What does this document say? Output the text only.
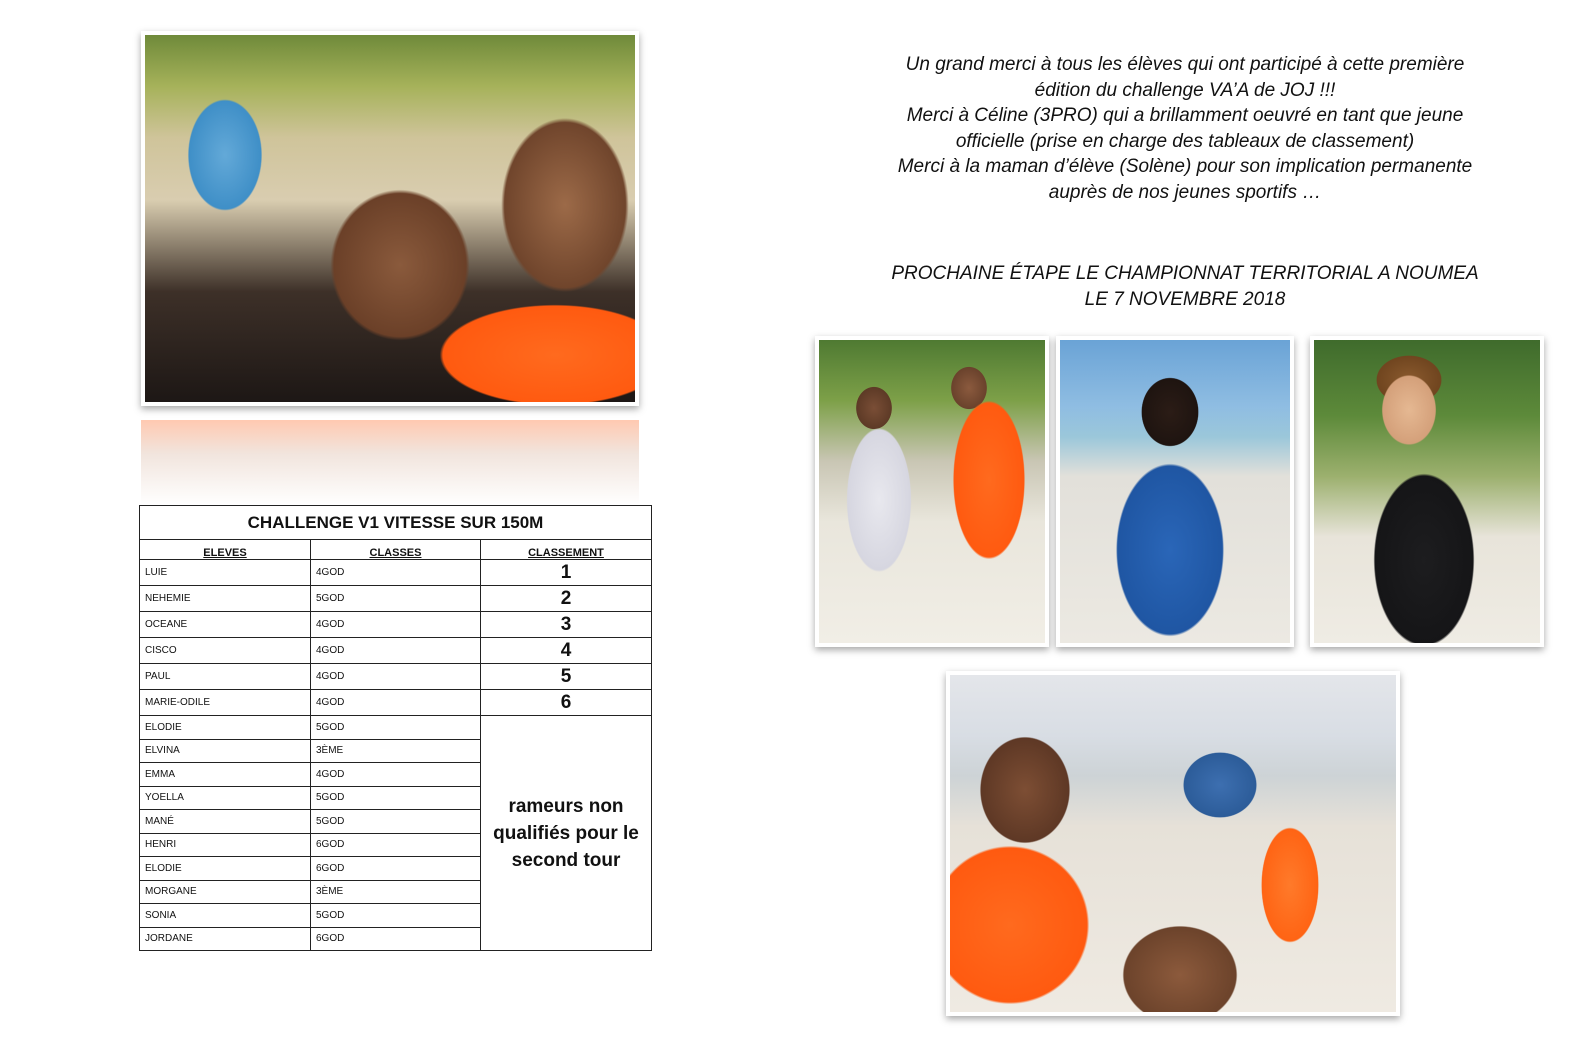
CHALLENGE V1 VITESSE SUR 150M		
ELEVES	CLASSES	CLASSEMENT
LUIE	4GOD	1
NEHEMIE	5GOD	2
OCEANE	4GOD	3
CISCO	4GOD	4
PAUL	4GOD	5
MARIE-ODILE	4GOD	6
ELODIE	5GOD	rameurs non qualifiés pour le second tour
ELVINA	3ÈME	
EMMA	4GOD	
YOELLA	5GOD	
MANÉ	5GOD	
HENRI	6GOD	
ELODIE	6GOD	
MORGANE	3ÈME	
SONIA	5GOD	
JORDANE	6GOD	
Un grand merci à tous les élèves qui ont participé à cette première
édition du challenge VA’A de JOJ !!!
Merci à Céline (3PRO) qui a brillamment oeuvré en tant que jeune
officielle (prise en charge des tableaux de classement)
Merci à la maman d’élève (Solène) pour son implication permanente
auprès de nos jeunes sportifs …
PROCHAINE ÉTAPE LE CHAMPIONNAT TERRITORIAL A NOUMEA
LE 7 NOVEMBRE 2018
